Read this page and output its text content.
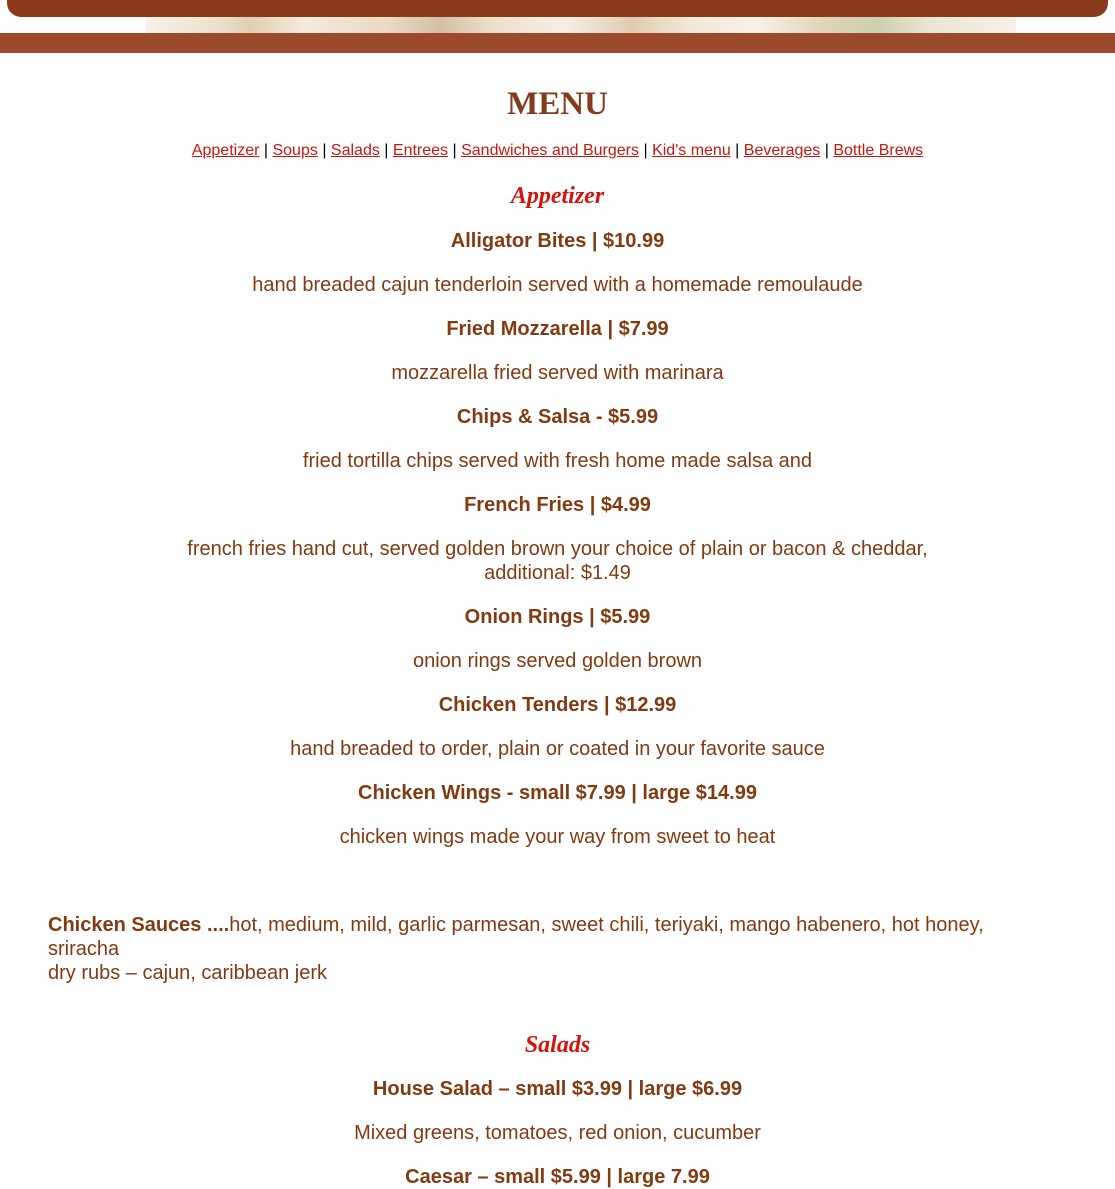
MENU
Appetizer | Soups | Salads | Entrees | Sandwiches and Burgers | Kid's menu | Beverages | Bottle Brews
Appetizer

Alligator Bites | $10.99

hand breaded cajun tenderloin served with a homemade remoulaude

Fried Mozzarella | $7.99

mozzarella fried served with marinara

Chips & Salsa - $5.99

fried tortilla chips served with fresh home made salsa and

French Fries | $4.99

french fries hand cut, served golden brown your choice of plain or bacon & cheddar,

additional: $1.49

Onion Rings | $5.99

onion rings served golden brown

Chicken Tenders | $12.99

hand breaded to order, plain or coated in your favorite sauce

Chicken Wings - small $7.99 | large $14.99

chicken wings made your way from sweet to heat

Chicken Sauces ....hot, medium, mild, garlic parmesan, sweet chili, teriyaki, mango habenero, hot honey, sriracha
dry rubs – cajun, caribbean jerk
Salads

House Salad – small $3.99 | large $6.99

Mixed greens, tomatoes, red onion, cucumber

Caesar – small $5.99 | large 7.99
